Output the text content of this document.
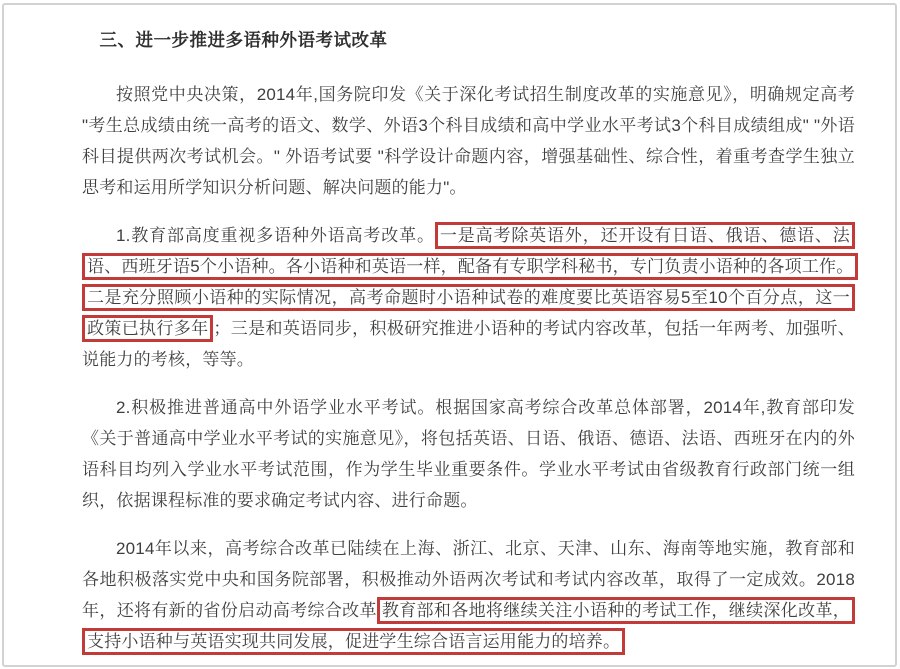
三、进一步推进多语种外语考试改革

按照党中央决策，2014年,国务院印发《关于深化考试招生制度改革的实施意见》，明确规定高考 "考生总成绩由统一高考的语文、数学、外语3个科目成绩和高中学业水平考试3个科目成绩组成" "外语科目提供两次考试机会。" 外语考试要 "科学设计命题内容，增强基础性、综合性，着重考查学生独立思考和运用所学知识分析问题、解决问题的能力"。

1.教育部高度重视多语种外语高考改革。 一是高考除英语外，还开设有日语、俄语、德语、法语、西班牙语5个小语种。各小语种和英语一样，配备有专职学科秘书，专门负责小语种的各项工作。二是充分照顾小语种的实际情况，高考命题时小语种试卷的难度要比英语容易5至10个百分点，这一政策已执行多年 ；三是和英语同步，积极研究推进小语种的考试内容改革，包括一年两考、加强听、说能力的考核，等等。

2.积极推进普通高中外语学业水平考试。根据国家高考综合改革总体部署，2014年,教育部印发《关于普通高中学业水平考试的实施意见》，将包括英语、日语、俄语、德语、法语、西班牙在内的外语科目均列入学业水平考试范围，作为学生毕业重要条件。学业水平考试由省级教育行政部门统一组织，依据课程标准的要求确定考试内容、进行命题。

2014年以来，高考综合改革已陆续在上海、浙江、北京、天津、山东、海南等地实施，教育部和各地积极落实党中央和国务院部署，积极推动外语两次考试和考试内容改革，取得了一定成效。2018年，还将有新的省份启动高考综合改革 教育部和各地将继续关注小语种的考试工作，继续深化改革，支持小语种与英语实现共同发展，促进学生综合语言运用能力的培养。
